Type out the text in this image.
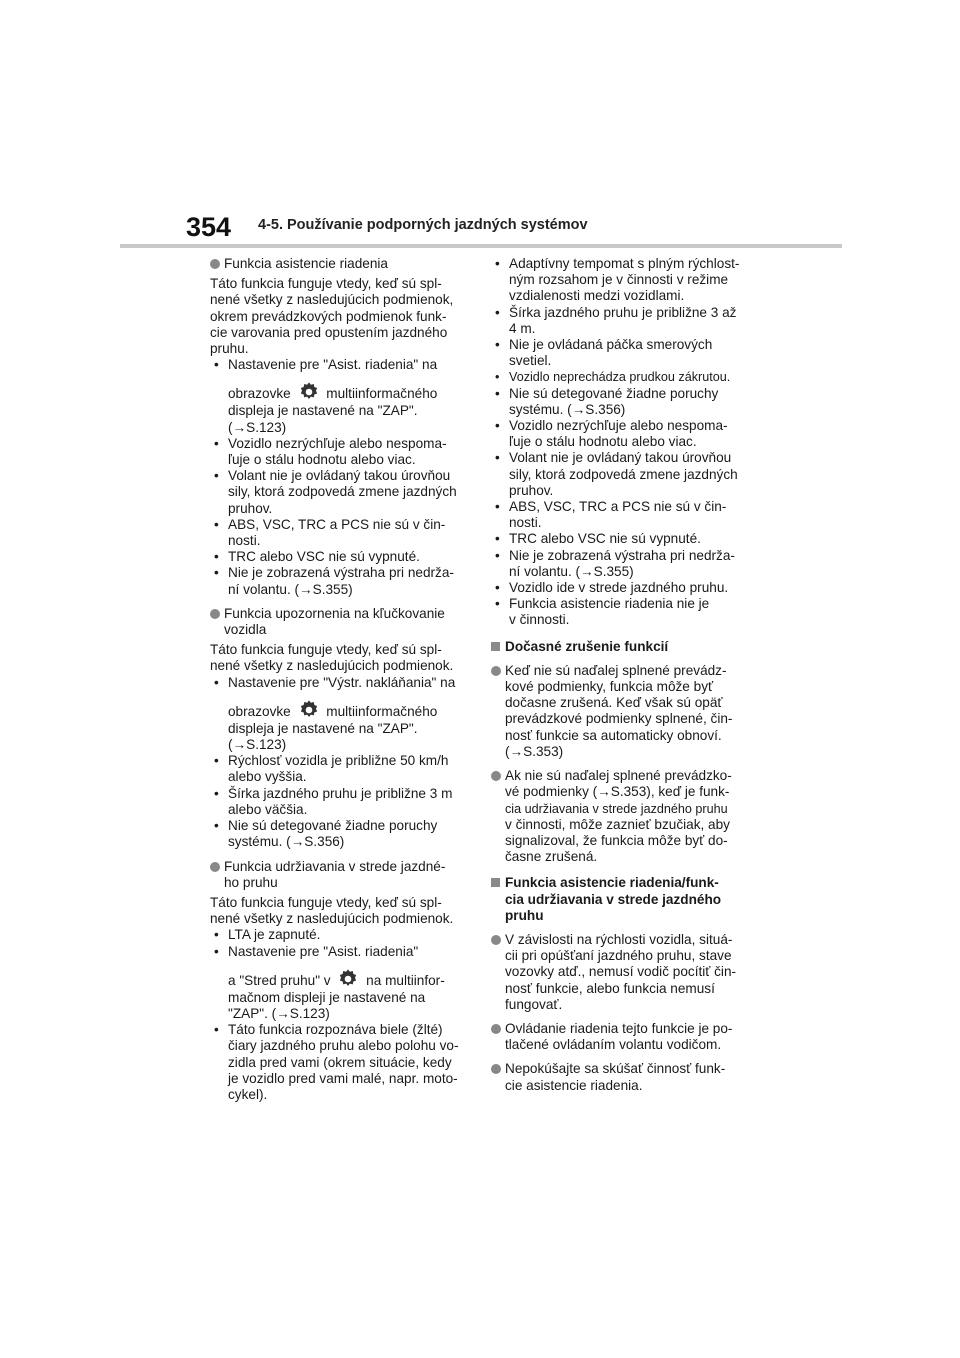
354 4-5. Používanie podporných jazdných systémov
Funkcia asistencie riadenia
Táto funkcia funguje vtedy, keď sú spl-
nené všetky z nasledujúcich podmienok,
okrem prevádzkových podmienok funk-
cie varovania pred opustením jazdného
pruhu.
• Nastavenie pre "Asist. riadenia" na
obrazovke	multiinformačného
displeja je nastavené na "ZAP".
(→S.123)
• Vozidlo nezrýchľuje alebo nespoma-
ľuje o stálu hodnotu alebo viac.
• Volant nie je ovládaný takou úrovňou
sily, ktorá zodpovedá zmene jazdných
pruhov.
• ABS, VSC, TRC a PCS nie sú v čin-
nosti.
• TRC alebo VSC nie sú vypnuté.
• Nie je zobrazená výstraha pri nedrža-
ní volantu. (→S.355)
Funkcia upozornenia na kľučkovanie
vozidla
Táto funkcia funguje vtedy, keď sú spl-
nené všetky z nasledujúcich podmienok.
• Nastavenie pre "Výstr. nakláňania" na
obrazovke	multiinformačného
displeja je nastavené na "ZAP".
(→S.123)
• Rýchlosť vozidla je približne 50 km/h
alebo vyššia.
• Šírka jazdného pruhu je približne 3 m
alebo väčšia.
• Nie sú detegované žiadne poruchy
systému. (→S.356)
Funkcia udržiavania v strede jazdné-
ho pruhu
Táto funkcia funguje vtedy, keď sú spl-
nené všetky z nasledujúcich podmienok.
• LTA je zapnuté.
• Nastavenie pre "Asist. riadenia"
a "Stred pruhu" v	na multiinfor-
mačnom displeji je nastavené na
"ZAP". (→S.123)
• Táto funkcia rozpoznáva biele (žlté)
čiary jazdného pruhu alebo polohu vo-
zidla pred vami (okrem situácie, kedy
je vozidlo pred vami malé, napr. moto-
cykel).
• Adaptívny tempomat s plným rýchlost-
ným rozsahom je v činnosti v režime
vzdialenosti medzi vozidlami.
• Šírka jazdného pruhu je približne 3 až
4 m.
• Nie je ovládaná páčka smerových
svetiel.
• Vozidlo neprechádza prudkou zákrutou.
• Nie sú detegované žiadne poruchy
systému. (→S.356)
• Vozidlo nezrýchľuje alebo nespoma-
ľuje o stálu hodnotu alebo viac.
• Volant nie je ovládaný takou úrovňou
sily, ktorá zodpovedá zmene jazdných
pruhov.
• ABS, VSC, TRC a PCS nie sú v čin-
nosti.
• TRC alebo VSC nie sú vypnuté.
• Nie je zobrazená výstraha pri nedrža-
ní volantu. (→S.355)
• Vozidlo ide v strede jazdného pruhu.
• Funkcia asistencie riadenia nie je
v činnosti.
Dočasné zrušenie funkcií
Keď nie sú naďalej splnené prevádz-
kové podmienky, funkcia môže byť
dočasne zrušená. Keď však sú opäť
prevádzkové podmienky splnené, čin-
nosť funkcie sa automaticky obnoví.
(→S.353)
Ak nie sú naďalej splnené prevádzko-
vé podmienky (→S.353), keď je funk-
cia udržiavania v strede jazdného pruhu
v činnosti, môže zaznieť bzučiak, aby
signalizoval, že funkcia môže byť do-
časne zrušená.
Funkcia asistencie riadenia/funk-
cia udržiavania v strede jazdného
pruhu
V závislosti na rýchlosti vozidla, situá-
cii pri opúšťaní jazdného pruhu, stave
vozovky atď., nemusí vodič pocítiť čin-
nosť funkcie, alebo funkcia nemusí
fungovať.
Ovládanie riadenia tejto funkcie je po-
tlačené ovládaním volantu vodičom.
Nepokúšajte sa skúšať činnosť funk-
cie asistencie riadenia.
